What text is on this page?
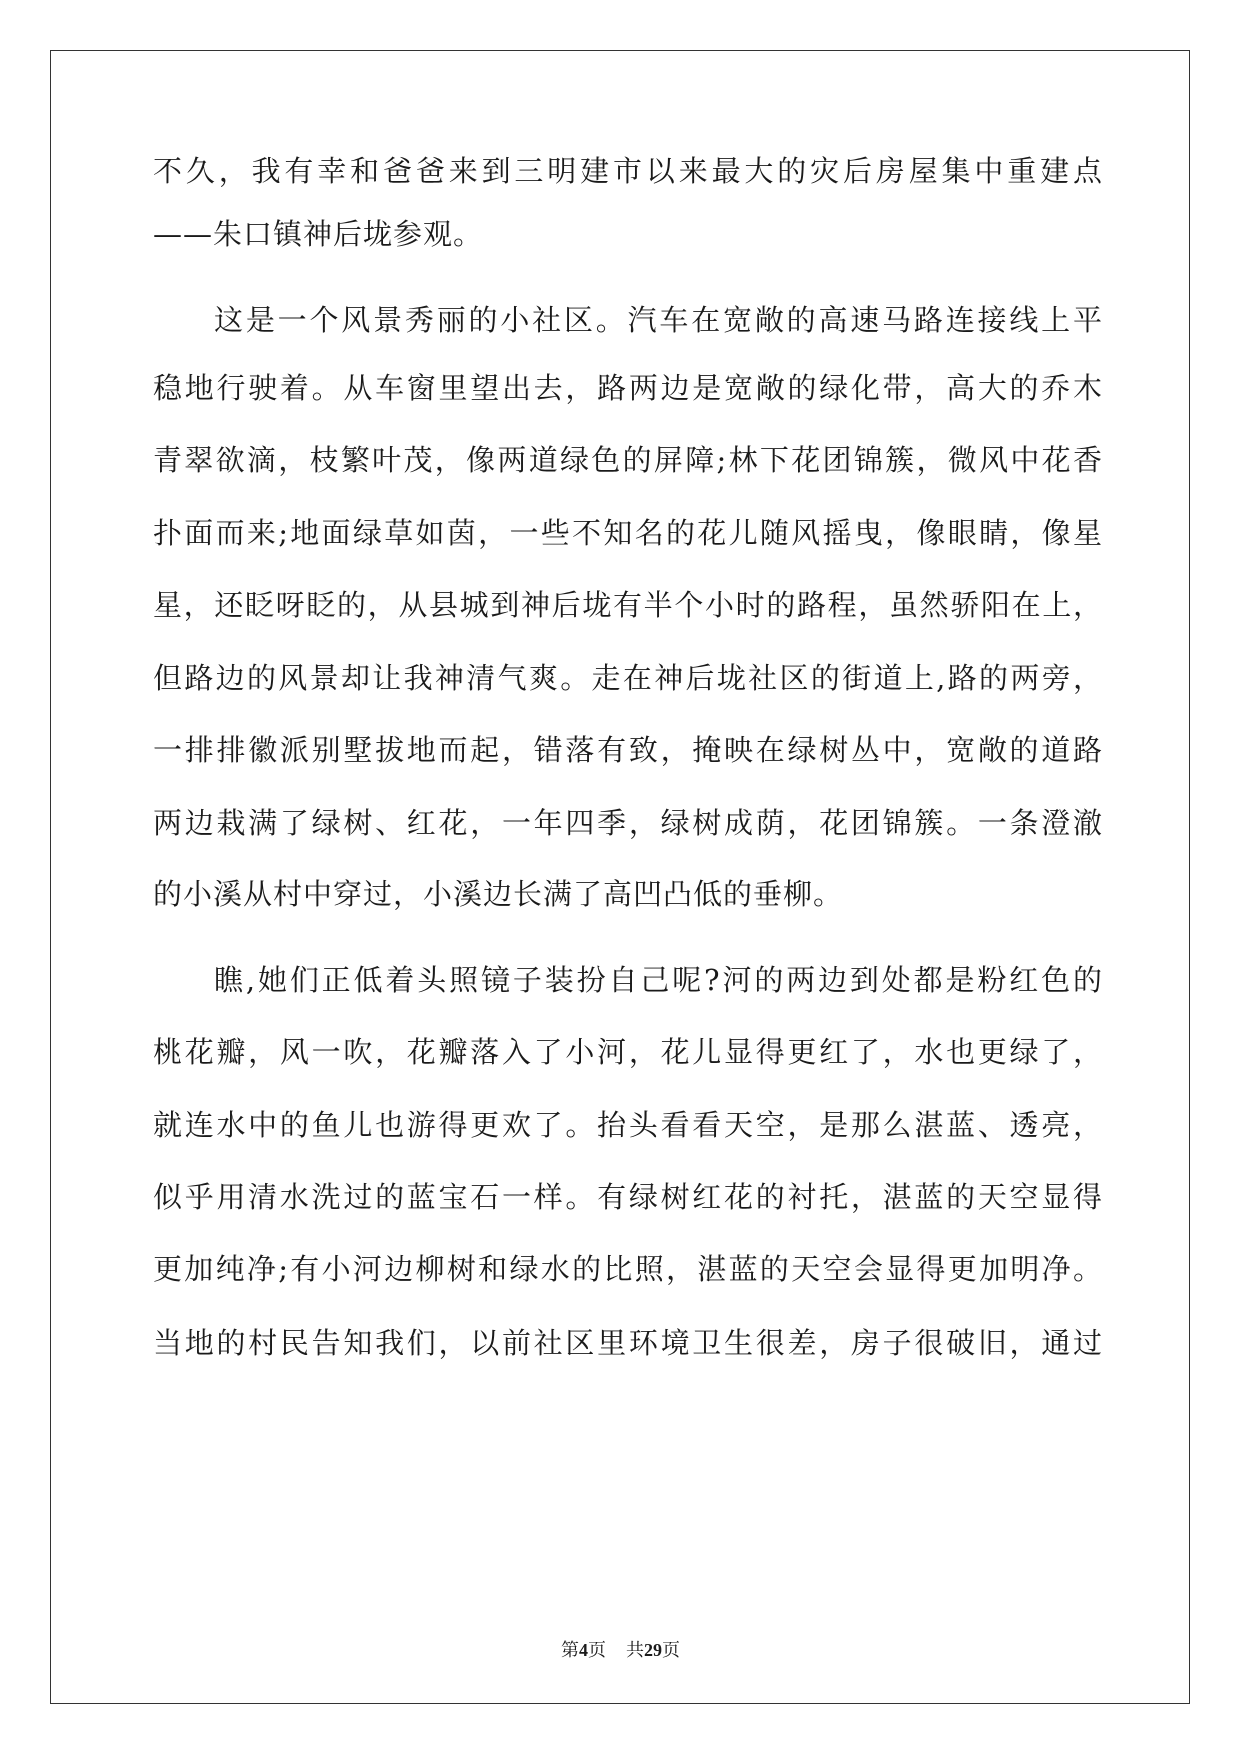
不久，我有幸和爸爸来到三明建市以来最大的灾后房屋集中重建点
——朱口镇神后垅参观。
这是一个风景秀丽的小社区。汽车在宽敞的高速马路连接线上平
稳地行驶着。从车窗里望出去，路两边是宽敞的绿化带，高大的乔木
青翠欲滴，枝繁叶茂，像两道绿色的屏障;林下花团锦簇，微风中花香
扑面而来;地面绿草如茵，一些不知名的花儿随风摇曳，像眼睛，像星
星，还眨呀眨的，从县城到神后垅有半个小时的路程，虽然骄阳在上，
但路边的风景却让我神清气爽。走在神后垅社区的街道上,路的两旁，
一排排徽派别墅拔地而起，错落有致，掩映在绿树丛中，宽敞的道路
两边栽满了绿树、红花，一年四季，绿树成荫，花团锦簇。一条澄澈
的小溪从村中穿过，小溪边长满了高凹凸低的垂柳。
瞧,她们正低着头照镜子装扮自己呢?河的两边到处都是粉红色的
桃花瓣，风一吹，花瓣落入了小河，花儿显得更红了，水也更绿了，
就连水中的鱼儿也游得更欢了。抬头看看天空，是那么湛蓝、透亮，
似乎用清水洗过的蓝宝石一样。有绿树红花的衬托，湛蓝的天空显得
更加纯净;有小河边柳树和绿水的比照，湛蓝的天空会显得更加明净。
当地的村民告知我们，以前社区里环境卫生很差，房子很破旧，通过
第4页 共29页
